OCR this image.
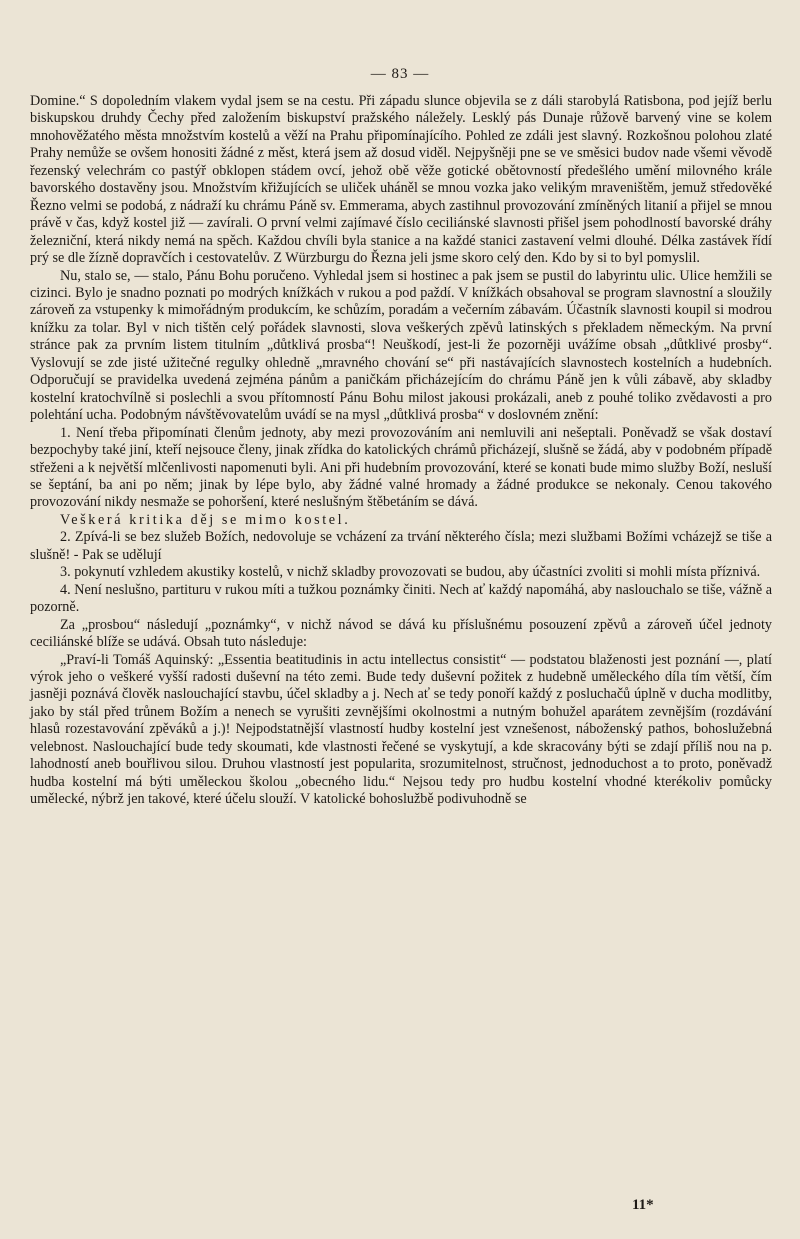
— 83 —

Domine.“ S dopoledním vlakem vydal jsem se na cestu. Při západu slunce objevila se z dáli starobylá Ratisbona, pod jejíž berlu biskupskou druhdy Čechy před založením biskupství pražského náležely. Lesklý pás Dunaje růžově barvený vine se kolem mnohověžatého města množstvím kostelů a věží na Prahu připomínajícího. Pohled ze zdáli jest slavný. Rozkošnou polohou zlaté Prahy nemůže se ovšem honositi žádné z měst, která jsem až dosud viděl. Nejpyšněji pne se ve směsici budov nade všemi věvodě řezenský velechrám co pastýř obklopen stádem ovcí, jehož obě věže gotické obětovností předešlého umění milovného krále bavorského dostavěny jsou. Množstvím křižujících se uliček uháněl se mnou vozka jako velikým mraveništěm, jemuž středověké Řezno velmi se podobá, z nádraží ku chrámu Páně sv. Emmerama, abych zastihnul provozování zmíněných litanií a přijel se mnou právě v čas, když kostel již — zavírali. O první velmi zajímavé číslo ceciliánské slavnosti přišel jsem pohodlností bavorské dráhy železniční, která nikdy nemá na spěch. Každou chvíli byla stanice a na každé stanici zastavení velmi dlouhé. Délka zastávek řídí prý se dle žízně dopravčích i cestovatelův. Z Würzburgu do Řezna jeli jsme skoro celý den. Kdo by si to byl pomyslil.

Nu, stalo se, — stalo, Pánu Bohu poručeno. Vyhledal jsem si hostinec a pak jsem se pustil do labyrintu ulic. Ulice hemžili se cizinci. Bylo je snadno poznati po modrých knížkách v rukou a pod paždí. V knížkách obsahoval se program slavnostní a sloužily zároveň za vstupenky k mimořádným produkcím, ke schůzím, poradám a večerním zábavám. Účastník slavnosti koupil si modrou knížku za tolar. Byl v nich tištěn celý pořádek slavnosti, slova veškerých zpěvů latinských s překladem německým. Na první stránce pak za prvním listem titulním „důtklivá prosba“! Neuškodí, jest-li že pozorněji uvážíme obsah „důtklivé prosby“. Vyslovují se zde jisté užitečné regulky ohledně „mravného chování se“ při nastávajících slavnostech kostelních a hudebních. Odporučují se pravidelka uvedená zejména pánům a paničkám přicházejícím do chrámu Páně jen k vůli zábavě, aby skladby kostelní kratochvílně si poslechli a svou přítomností Pánu Bohu milost jakousi prokázali, aneb z pouhé toliko zvědavosti a pro polehtání ucha. Podobným návštěvovatelům uvádí se na mysl „důtklivá prosba“ v doslovném znění:

1. Není třeba připomínati členům jednoty, aby mezi provozováním ani nemluvili ani nešeptali. Poněvadž se však dostaví bezpochyby také jiní, kteří nejsouce členy, jinak zřídka do katolických chrámů přicházejí, slušně se žádá, aby v podobném případě střeženi a k největší mlčenlivosti napomenuti byli. Ani při hudebním provozování, které se konati bude mimo služby Boží, nesluší se šeptání, ba ani po něm; jinak by lépe bylo, aby žádné valné hromady a žádné produkce se nekonaly. Cenou takového provozování nikdy nesmaže se pohoršení, které neslušným štěbetáním se dává.

Veškerá kritika děj se mimo kostel.

2. Zpívá-li se bez služeb Božích, nedovoluje se vcházení za trvání některého čísla; mezi službami Božími vcházejž se tiše a slušně! - Pak se udělují

3. pokynutí vzhledem akustiky kostelů, v nichž skladby provozovati se budou, aby účastníci zvoliti si mohli místa příznivá.

4. Není neslušno, partituru v rukou míti a tužkou poznámky činiti. Nech ať každý napomáhá, aby naslouchalo se tiše, vážně a pozorně.

Za „prosbou“ následují „poznámky“, v nichž návod se dává ku příslušnému posouzení zpěvů a zároveň účel jednoty ceciliánské blíže se udává. Obsah tuto následuje:

„Praví-li Tomáš Aquinský: „Essentia beatitudinis in actu intellectus consistit“ — podstatou blaženosti jest poznání —, platí výrok jeho o veškeré vyšší radosti duševní na této zemi. Bude tedy duševní požitek z hudebně uměleckého díla tím větší, čím jasněji poznává člověk naslouchající stavbu, účel skladby a j. Nech ať se tedy ponoří každý z posluchačů úplně v ducha modlitby, jako by stál před trůnem Božím a nenech se vyrušiti zevnějšími okolnostmi a nutným bohužel aparátem zevnějším (rozdávání hlasů rozestavování zpěváků a j.)! Nejpodstatnější vlastností hudby kostelní jest vznešenost, náboženský pathos, bohoslužebná velebnost. Naslouchající bude tedy skoumati, kde vlastnosti řečené se vyskytují, a kde skracovány býti se zdají příliš nou na p. lahodností aneb bouřlivou silou. Druhou vlastností jest popularita, srozumitelnost, stručnost, jednoduchost a to proto, poněvadž hudba kostelní má býti uměleckou školou „obecného lidu.“ Nejsou tedy pro hudbu kostelní vhodné kterékoliv pomůcky umělecké, nýbrž jen takové, které účelu slouží. V katolické bohoslužbě podivuhodně se

11*
